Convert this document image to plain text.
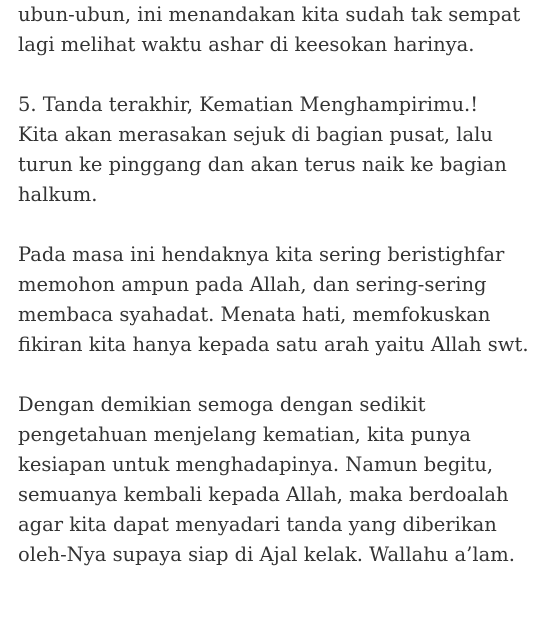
ubun-ubun, ini menandakan kita sudah tak sempat
lagi melihat waktu ashar di keesokan harinya.

5. Tanda terakhir, Kematian Menghampirimu.!
Kita akan merasakan sejuk di bagian pusat, lalu
turun ke pinggang dan akan terus naik ke bagian
halkum.

Pada masa ini hendaknya kita sering beristighfar
memohon ampun pada Allah, dan sering-sering
membaca syahadat. Menata hati, memfokuskan
fikiran kita hanya kepada satu arah yaitu Allah swt.

Dengan demikian semoga dengan sedikit
pengetahuan menjelang kematian, kita punya
kesiapan untuk menghadapinya. Namun begitu,
semuanya kembali kepada Allah, maka berdoalah
agar kita dapat menyadari tanda yang diberikan
oleh-Nya supaya siap di Ajal kelak. Wallahu a’lam.
